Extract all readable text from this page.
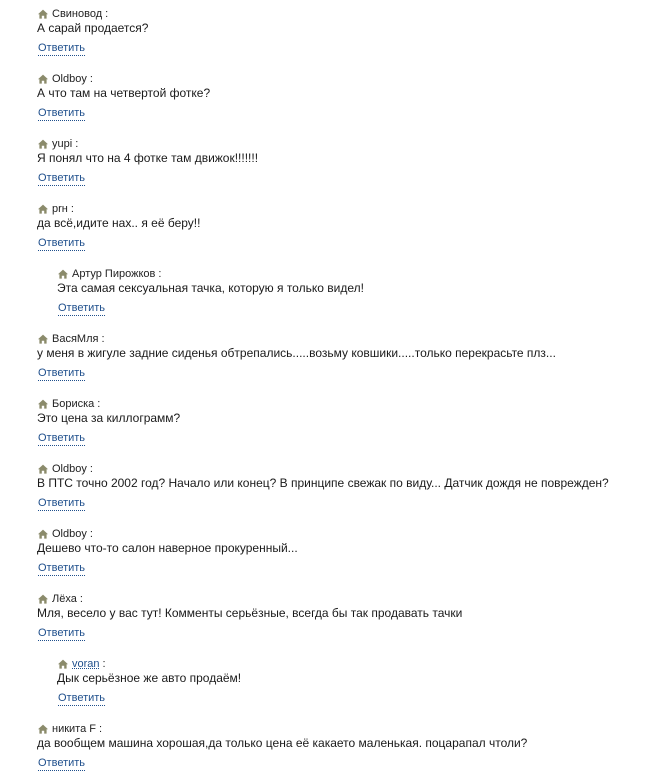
Свиновод :
А сарай продается?
Ответить
Oldboy :
А что там на четвертой фотке?
Ответить
yupi :
Я понял что на 4 фотке там движок!!!!!!!
Ответить
prн :
да всё,идите нах.. я её беру!!
Ответить
Артур Пирожков :
Эта самая сексуальная тачка, которую я только видел!
Ответить
ВасяМля :
у меня в жигуле задние сиденья обтрепались.....возьму ковшики.....только перекрасьте плз...
Ответить
Бориска :
Это цена за киллограмм?
Ответить
Oldboy :
В ПТС точно 2002 год? Начало или конец? В принципе свежак по виду... Датчик дождя не поврежден?
Ответить
Oldboy :
Дешево что-то салон наверное прокуренный...
Ответить
Лёха :
Мля, весело у вас тут! Комменты серьёзные, всегда бы так продавать тачки
Ответить
voran :
Дык серьёзное же авто продаём!
Ответить
никита F :
да вообщем машина хорошая,да только цена её какаето маленькая. поцарапал чтоли?
Ответить
